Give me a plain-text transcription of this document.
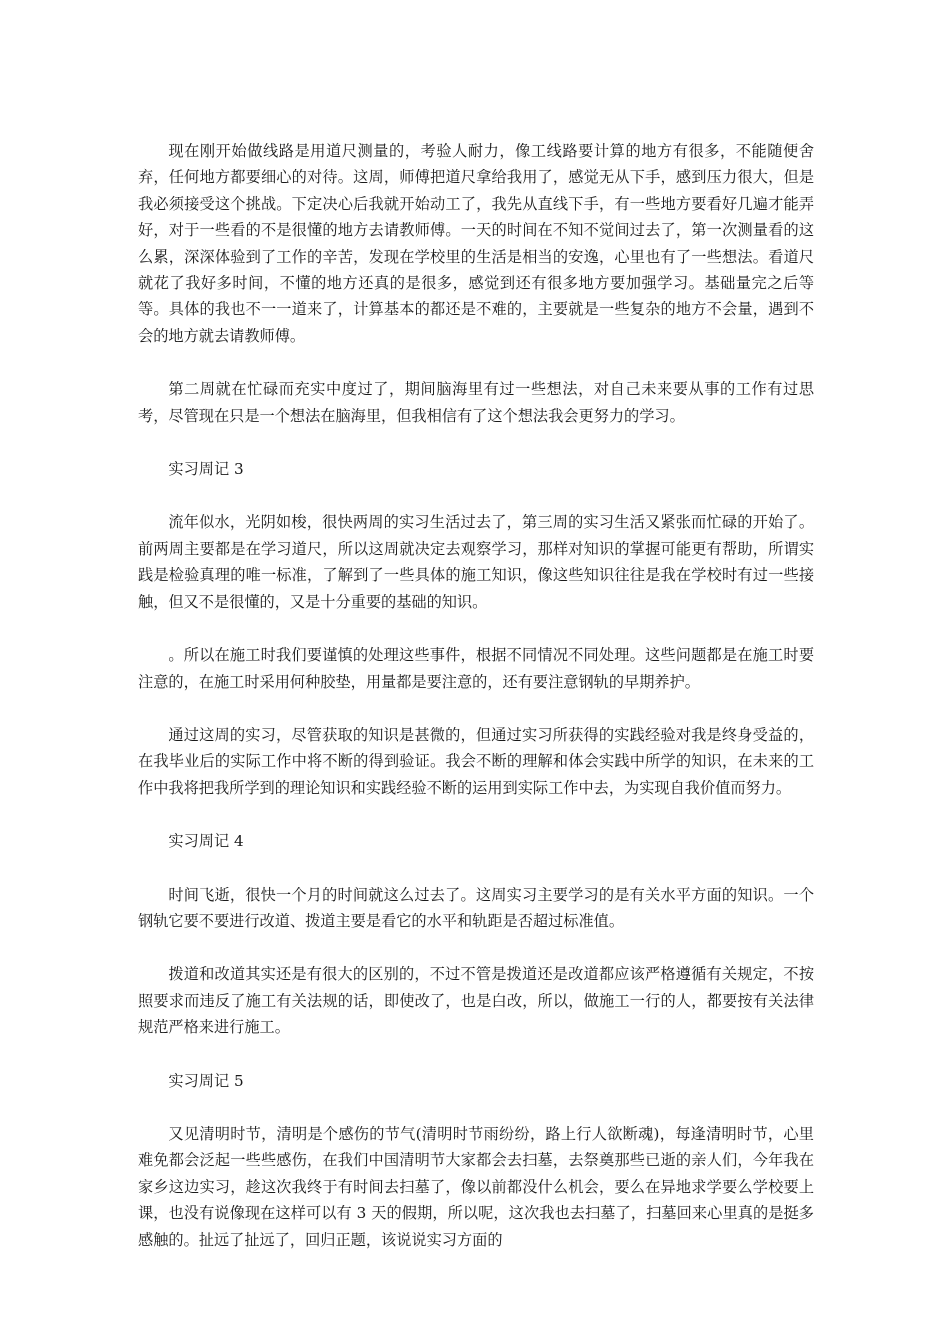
现在刚开始做线路是用道尺测量的，考验人耐力，像工线路要计算的地方有很多，不能随便舍弃，任何地方都要细心的对待。这周，师傅把道尺拿给我用了，感觉无从下手，感到压力很大，但是我必须接受这个挑战。下定决心后我就开始动工了，我先从直线下手，有一些地方要看好几遍才能弄好，对于一些看的不是很懂的地方去请教师傅。一天的时间在不知不觉间过去了，第一次测量看的这么累，深深体验到了工作的辛苦，发现在学校里的生活是相当的安逸，心里也有了一些想法。看道尺就花了我好多时间，不懂的地方还真的是很多，感觉到还有很多地方要加强学习。基础量完之后等等。具体的我也不一一道来了，计算基本的都还是不难的，主要就是一些复杂的地方不会量，遇到不会的地方就去请教师傅。

第二周就在忙碌而充实中度过了，期间脑海里有过一些想法，对自己未来要从事的工作有过思考，尽管现在只是一个想法在脑海里，但我相信有了这个想法我会更努力的学习。

实习周记 3

流年似水，光阴如梭，很快两周的实习生活过去了，第三周的实习生活又紧张而忙碌的开始了。前两周主要都是在学习道尺，所以这周就决定去观察学习，那样对知识的掌握可能更有帮助，所谓实践是检验真理的唯一标准，了解到了一些具体的施工知识，像这些知识往往是我在学校时有过一些接触，但又不是很懂的，又是十分重要的基础的知识。

。所以在施工时我们要谨慎的处理这些事件，根据不同情况不同处理。这些问题都是在施工时要注意的，在施工时采用何种胶垫，用量都是要注意的，还有要注意钢轨的早期养护。

通过这周的实习，尽管获取的知识是甚微的，但通过实习所获得的实践经验对我是终身受益的，在我毕业后的实际工作中将不断的得到验证。我会不断的理解和体会实践中所学的知识，在未来的工作中我将把我所学到的理论知识和实践经验不断的运用到实际工作中去，为实现自我价值而努力。

实习周记 4

时间飞逝，很快一个月的时间就这么过去了。这周实习主要学习的是有关水平方面的知识。一个钢轨它要不要进行改道、拨道主要是看它的水平和轨距是否超过标准值。

拨道和改道其实还是有很大的区别的，不过不管是拨道还是改道都应该严格遵循有关规定，不按照要求而违反了施工有关法规的话，即使改了，也是白改，所以，做施工一行的人，都要按有关法律规范严格来进行施工。

实习周记 5

又见清明时节，清明是个感伤的节气(清明时节雨纷纷，路上行人欲断魂)，每逢清明时节，心里难免都会泛起一些些感伤，在我们中国清明节大家都会去扫墓，去祭奠那些已逝的亲人们，今年我在家乡这边实习，趁这次我终于有时间去扫墓了，像以前都没什么机会，要么在异地求学要么学校要上课，也没有说像现在这样可以有 3 天的假期，所以呢，这次我也去扫墓了，扫墓回来心里真的是挺多感触的。扯远了扯远了，回归正题，该说说实习方面的
